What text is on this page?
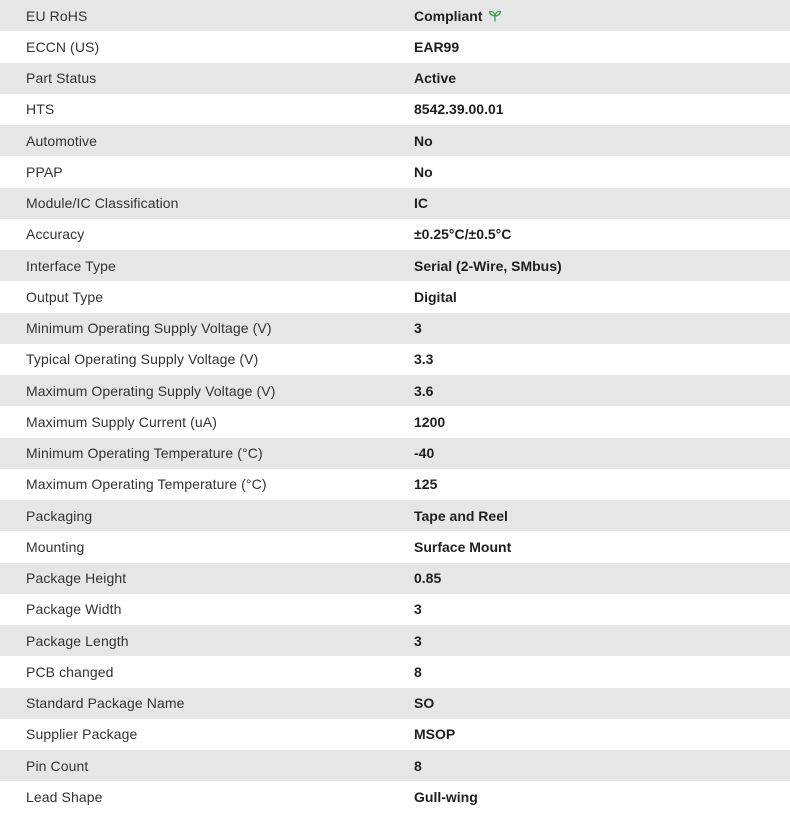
EU RoHS	Compliant
ECCN (US)	EAR99
Part Status	Active
HTS	8542.39.00.01
Automotive	No
PPAP	No
Module/IC Classification	IC
Accuracy	±0.25°C/±0.5°C
Interface Type	Serial (2-Wire, SMbus)
Output Type	Digital
Minimum Operating Supply Voltage (V)	3
Typical Operating Supply Voltage (V)	3.3
Maximum Operating Supply Voltage (V)	3.6
Maximum Supply Current (uA)	1200
Minimum Operating Temperature (°C)	-40
Maximum Operating Temperature (°C)	125
Packaging	Tape and Reel
Mounting	Surface Mount
Package Height	0.85
Package Width	3
Package Length	3
PCB changed	8
Standard Package Name	SO
Supplier Package	MSOP
Pin Count	8
Lead Shape	Gull-wing
